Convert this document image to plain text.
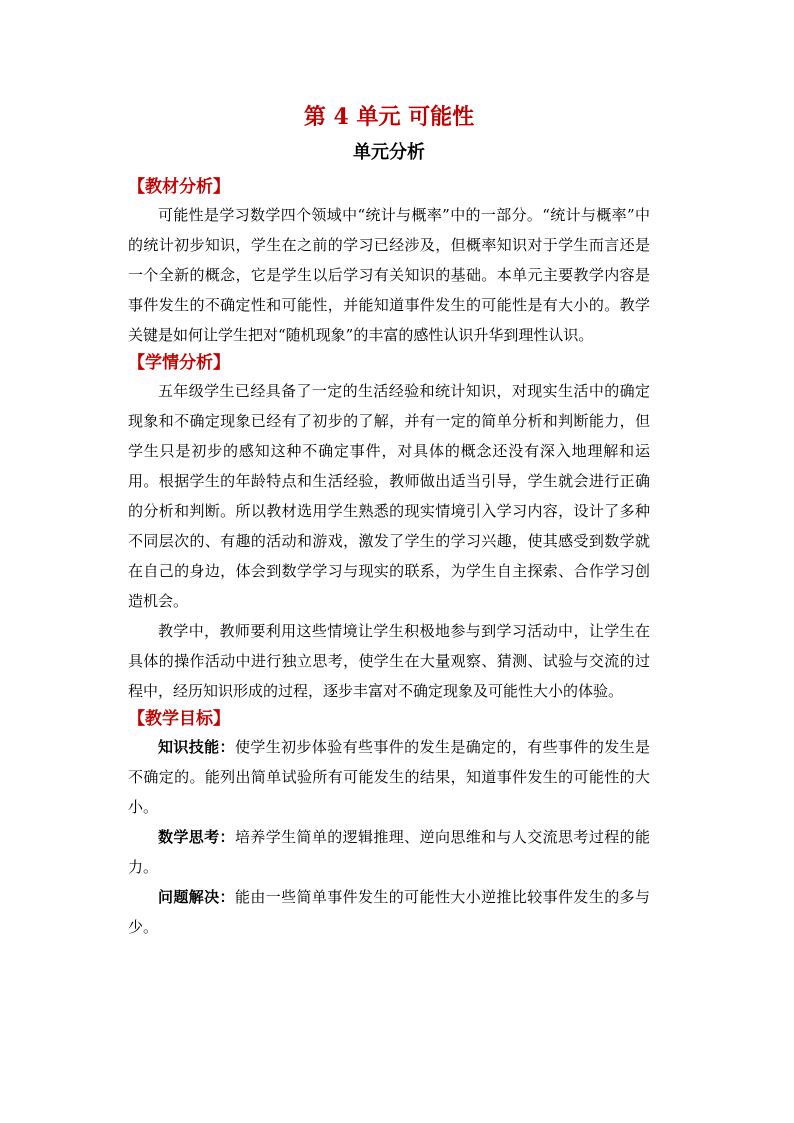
第 4 单元 可能性
单元分析
【教材分析】

可能性是学习数学四个领域中“统计与概率”中的一部分。“统计与概率”中的统计初步知识，学生在之前的学习已经涉及，但概率知识对于学生而言还是一个全新的概念，它是学生以后学习有关知识的基础。本单元主要教学内容是事件发生的不确定性和可能性，并能知道事件发生的可能性是有大小的。教学关键是如何让学生把对“随机现象”的丰富的感性认识升华到理性认识。

【学情分析】

五年级学生已经具备了一定的生活经验和统计知识，对现实生活中的确定现象和不确定现象已经有了初步的了解，并有一定的简单分析和判断能力，但学生只是初步的感知这种不确定事件，对具体的概念还没有深入地理解和运用。根据学生的年龄特点和生活经验，教师做出适当引导，学生就会进行正确的分析和判断。所以教材选用学生熟悉的现实情境引入学习内容，设计了多种不同层次的、有趣的活动和游戏，激发了学生的学习兴趣，使其感受到数学就在自己的身边，体会到数学学习与现实的联系，为学生自主探索、合作学习创造机会。

教学中，教师要利用这些情境让学生积极地参与到学习活动中，让学生在具体的操作活动中进行独立思考，使学生在大量观察、猜测、试验与交流的过程中，经历知识形成的过程，逐步丰富对不确定现象及可能性大小的体验。

【教学目标】

知识技能：使学生初步体验有些事件的发生是确定的，有些事件的发生是不确定的。能列出简单试验所有可能发生的结果，知道事件发生的可能性的大小。

数学思考：培养学生简单的逻辑推理、逆向思维和与人交流思考过程的能力。

问题解决：能由一些简单事件发生的可能性大小逆推比较事件发生的多与少。
